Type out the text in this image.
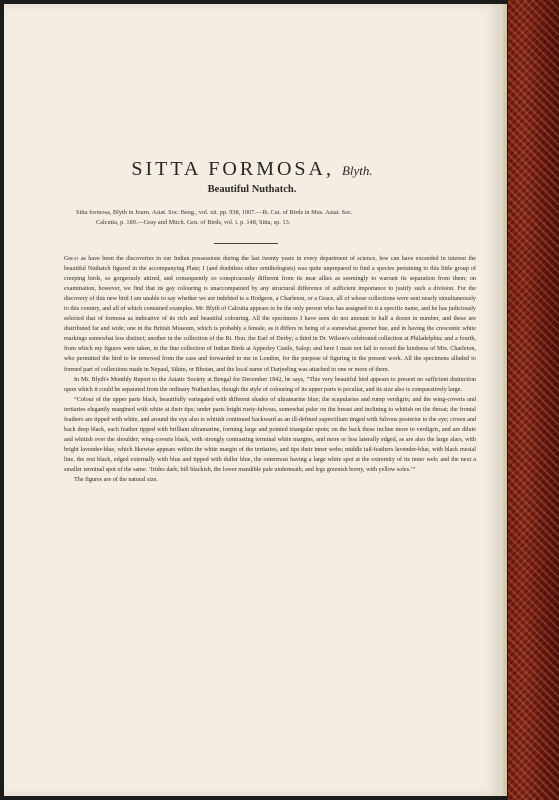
SITTA FORMOSA, Blyth.
Beautiful Nuthatch.
Sitta formosa, Blyth in Journ. Asiat. Soc. Beng., vol. xii. pp. 938, 1007.—Ib. Cat. of Birds in Mus. Asiat. Soc.
Calcutta, p. 189.—Gray and Mitch. Gen. of Birds, vol. i. p. 148, Sitta, sp. 13.

Great as have been the discoveries in our Indian possessions during the last twenty years in every department of science, few can have exceeded in interest the beautiful Nuthatch figured in the accompanying Plate; I (and doubtless other ornithologists) was quite unprepared to find a species pertaining to this little group of creeping birds, so gorgeously attired, and consequently so conspicuously different from its near allies as seemingly to warrant its separation from them; on examination, however, we find that its gay colouring is unaccompanied by any structural difference of sufficient importance to justify such a division. For the discovery of this new bird I am unable to say whether we are indebted to a Hodgson, a Charleton, or a Grace, all of whose collections were sent nearly simultaneously to this country, and all of which contained examples. Mr. Blyth of Calcutta appears to be the only person who has assigned to it a specific name, and he has judiciously selected that of formosa as indicative of its rich and beautiful colouring. All the specimens I have seen do not amount to half a dozen in number, and these are distributed far and wide; one in the British Museum, which is probably a female, as it differs in being of a somewhat greener hue, and in having the crescentic white markings somewhat less distinct; another in the collection of the Rt. Hon. the Earl of Derby; a third in Dr. Wilson's celebrated collection at Philadelphia; and a fourth, from which my figures were taken, in the fine collection of Indian Birds at Apperley Castle, Salop; and here I must not fail to record the kindness of Mrs. Charleton, who permitted the bird to be removed from the case and forwarded to me in London, for the purpose of figuring in the present work. All the specimens alluded to formed part of collections made in Nepaul, Sikim, or Bhotan, and the local name of Darjeeling was attached to one or more of them.

In Mr. Blyth's Monthly Report to the Asiatic Society at Bengal for December 1842, he says, “This very beautiful bird appears to present no sufficient distinction upon which it could be separated from the ordinary Nuthatches, though the style of colouring of its upper parts is peculiar, and its size also is comparatively large.

“Colour of the upper parts black, beautifully variegated with different shades of ultramarine blue; the scapularies and rump verdigris; and the wing-coverts and tertiaries elegantly margined with white at their tips; under parts bright rusty-fulvous, somewhat paler on the breast and inclining to whitish on the throat; the frontal feathers are tipped with white, and around the eye also is whitish continued backward as an ill-defined supercilium tinged with fulvous posterior to the eye; crown and back deep black, each feather tipped with brilliant ultramarine, forming large and pointed triangular spots; on the back these incline more to verdigris, and are dilute and whitish over the shoulder; wing-coverts black, with strongly contrasting terminal white margins, and more or less laterally edged, as are also the large alars, with bright lavender-blue, which likewise appears within the white margin of the tertiaries, and tips their inner webs; middle tail-feathers lavender-blue, with black mesial line, the rest black, edged externally with blue and tipped with duller blue, the outermost having a large white spot at the extremity of its inner web; and the next a smaller terminal spot of the same. ‘Irides dark; bill blackish, the lower mandible pale underneath; and legs greenish horny, with yellow soles.’”

The figures are of the natural size.
